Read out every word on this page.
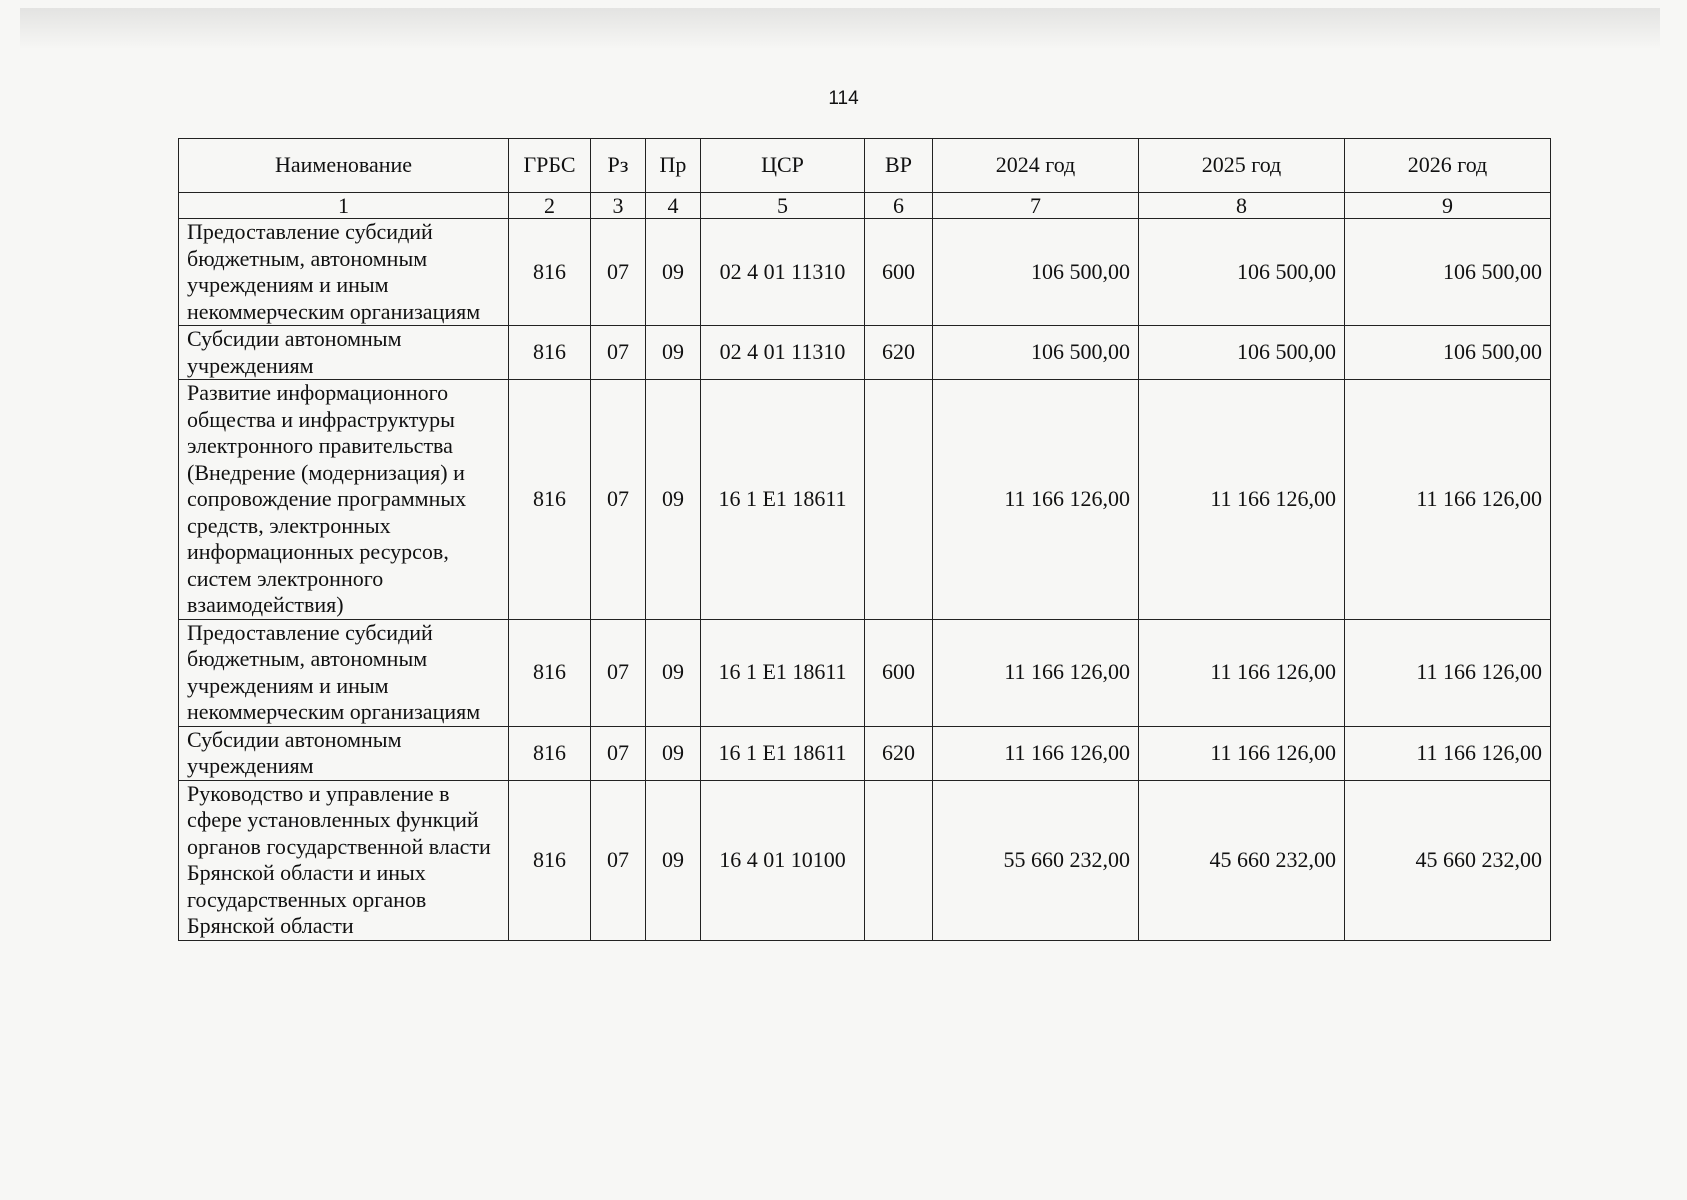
114
Наименование	ГРБС	Рз	Пр	ЦСР	ВР	2024 год	2025 год	2026 год
1	2	3	4	5	6	7	8	9
Предоставление субсидий бюджетным, автономным учреждениям и иным некоммерческим организациям	816	07	09	02 4 01 11310	600	106 500,00	106 500,00	106 500,00
Субсидии автономным учреждениям	816	07	09	02 4 01 11310	620	106 500,00	106 500,00	106 500,00
Развитие информационного общества и инфраструктуры электронного правительства (Внедрение (модернизация) и сопровождение программных средств, электронных информационных ресурсов, систем электронного взаимодействия)	816	07	09	16 1 E1 18611		11 166 126,00	11 166 126,00	11 166 126,00
Предоставление субсидий бюджетным, автономным учреждениям и иным некоммерческим организациям	816	07	09	16 1 E1 18611	600	11 166 126,00	11 166 126,00	11 166 126,00
Субсидии автономным учреждениям	816	07	09	16 1 E1 18611	620	11 166 126,00	11 166 126,00	11 166 126,00
Руководство и управление в сфере установленных функций органов государственной власти Брянской области и иных государственных органов Брянской области	816	07	09	16 4 01 10100		55 660 232,00	45 660 232,00	45 660 232,00
